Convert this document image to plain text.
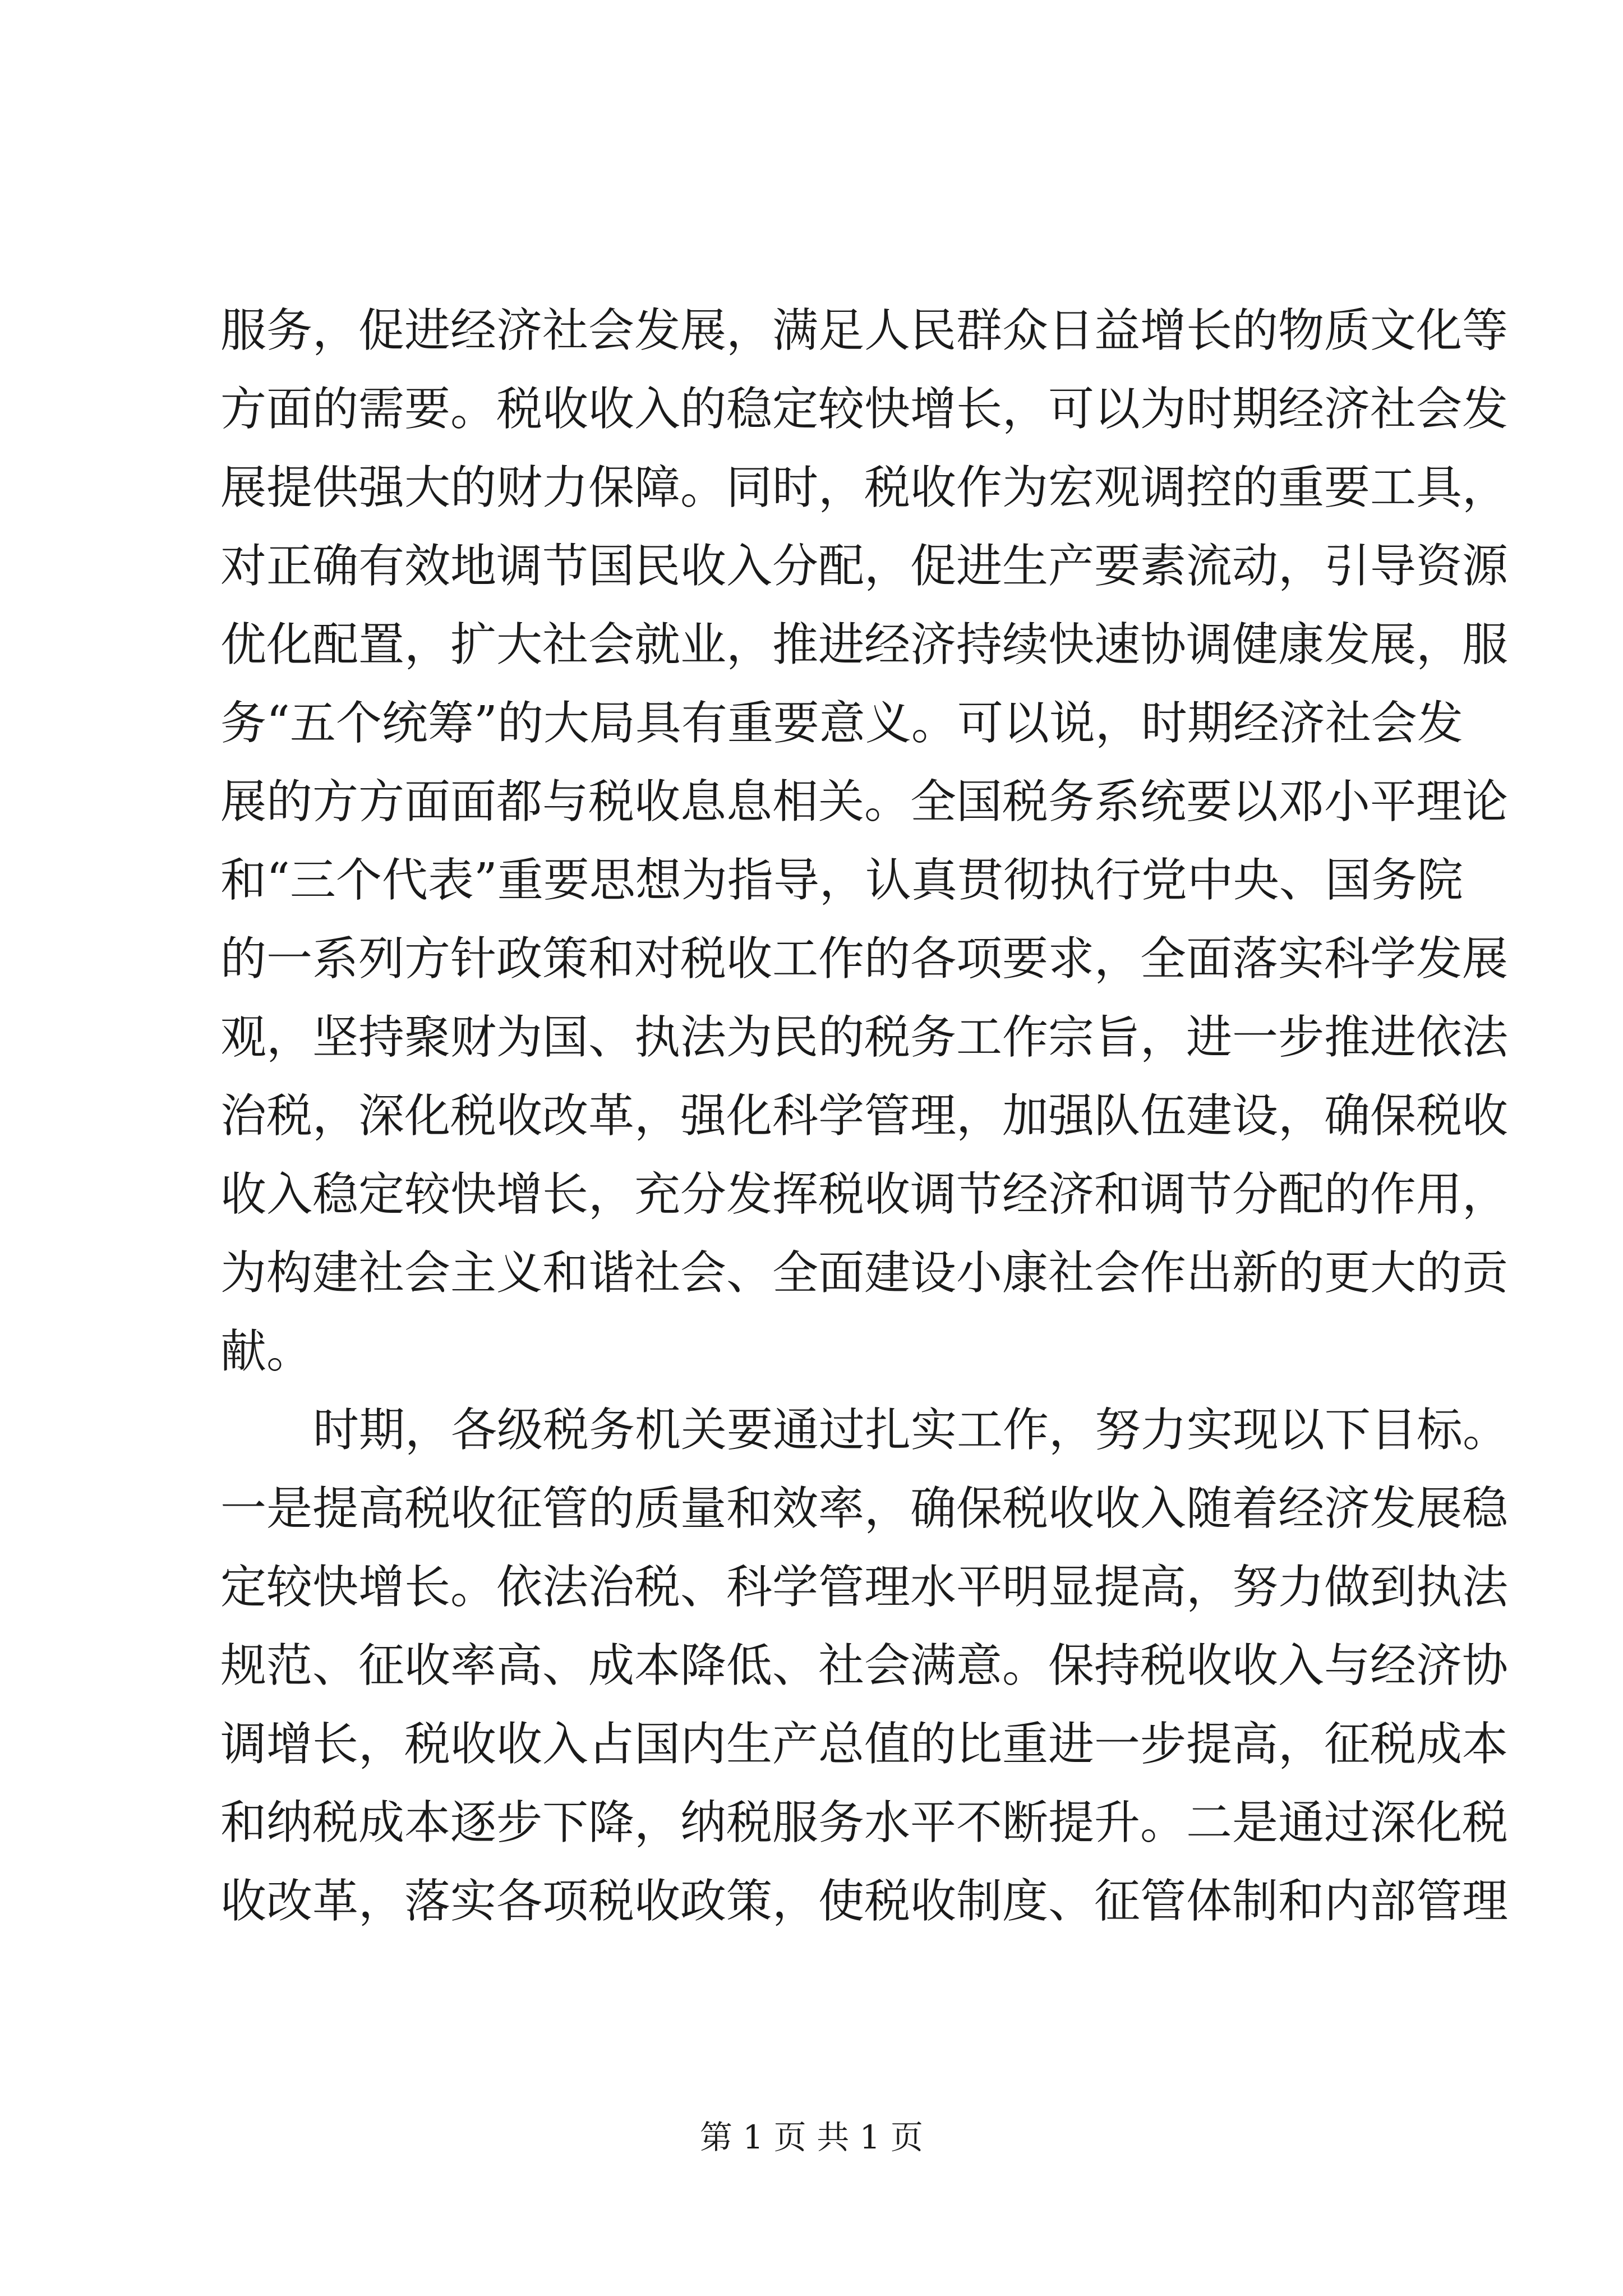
服务，促进经济社会发展，满足人民群众日益增长的物质文化等
方面的需要。税收收入的稳定较快增长，可以为时期经济社会发
展提供强大的财力保障。同时，税收作为宏观调控的重要工具，
对正确有效地调节国民收入分配，促进生产要素流动，引导资源
优化配置，扩大社会就业，推进经济持续快速协调健康发展，服
务“五个统筹”的大局具有重要意义。可以说，时期经济社会发
展的方方面面都与税收息息相关。全国税务系统要以邓小平理论
和“三个代表”重要思想为指导，认真贯彻执行党中央、国务院
的一系列方针政策和对税收工作的各项要求，全面落实科学发展
观，坚持聚财为国、执法为民的税务工作宗旨，进一步推进依法
治税，深化税收改革，强化科学管理，加强队伍建设，确保税收
收入稳定较快增长，充分发挥税收调节经济和调节分配的作用，
为构建社会主义和谐社会、全面建设小康社会作出新的更大的贡
献。
时期，各级税务机关要通过扎实工作，努力实现以下目标。
一是提高税收征管的质量和效率，确保税收收入随着经济发展稳
定较快增长。依法治税、科学管理水平明显提高，努力做到执法
规范、征收率高、成本降低、社会满意。保持税收收入与经济协
调增长，税收收入占国内生产总值的比重进一步提高，征税成本
和纳税成本逐步下降，纳税服务水平不断提升。二是通过深化税
收改革，落实各项税收政策，使税收制度、征管体制和内部管理
第 1 页 共 1 页
